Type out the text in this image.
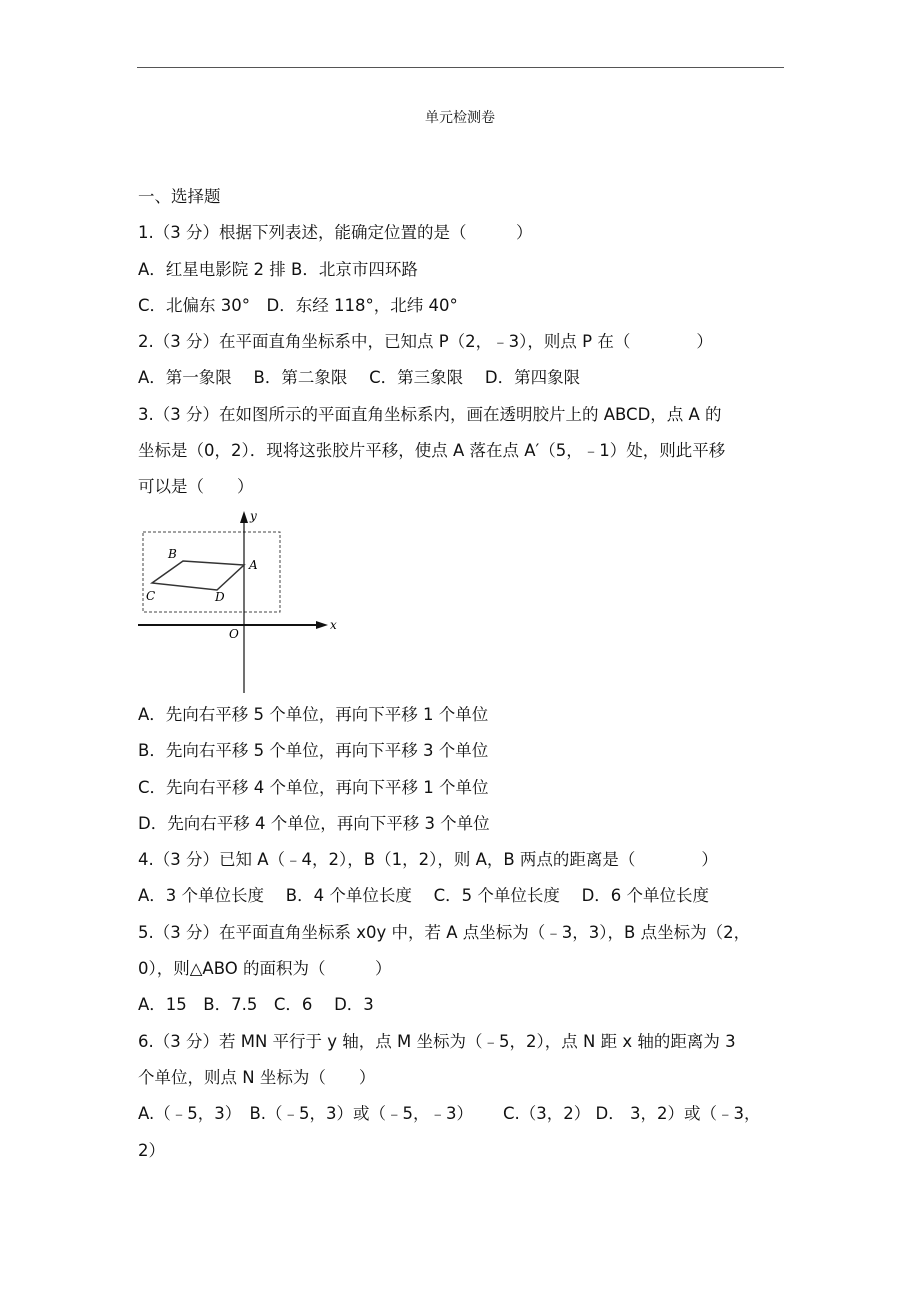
单元检测卷
一、选择题
1.（3 分）根据下列表述，能确定位置的是（　　　）
A．红星电影院 2 排 B．北京市四环路
C．北偏东 30°　D．东经 118°，北纬 40°
2.（3 分）在平面直角坐标系中，已知点 P（2，﹣3），则点 P 在（　　　　）
A．第一象限　 B．第二象限　 C．第三象限　 D．第四象限
3.（3 分）在如图所示的平面直角坐标系内，画在透明胶片上的 ABCD，点 A 的
坐标是（0，2）．现将这张胶片平移，使点 A 落在点 A′（5，﹣1）处，则此平移
可以是（　　）
B
A
C	D
O
x
y
A．先向右平移 5 个单位，再向下平移 1 个单位
B．先向右平移 5 个单位，再向下平移 3 个单位
C．先向右平移 4 个单位，再向下平移 1 个单位
D．先向右平移 4 个单位，再向下平移 3 个单位
4.（3 分）已知 A（﹣4，2），B（1，2），则 A，B 两点的距离是（　　　　）
A．3 个单位长度　 B．4 个单位长度　 C．5 个单位长度　 D．6 个单位长度
5.（3 分）在平面直角坐标系 x0y 中，若 A 点坐标为（﹣3，3），B 点坐标为（2，
0），则△ABO 的面积为（　　　）
A．15　B．7.5　C．6　 D．3
6.（3 分）若 MN 平行于 y 轴，点 M 坐标为（﹣5，2），点 N 距 x 轴的距离为 3
个单位，则点 N 坐标为（　　）
A.（﹣5，3）　B.（﹣5，3）或（﹣5，﹣3）　　 C.（3，2） D． 3，2）或（﹣3，
2）
